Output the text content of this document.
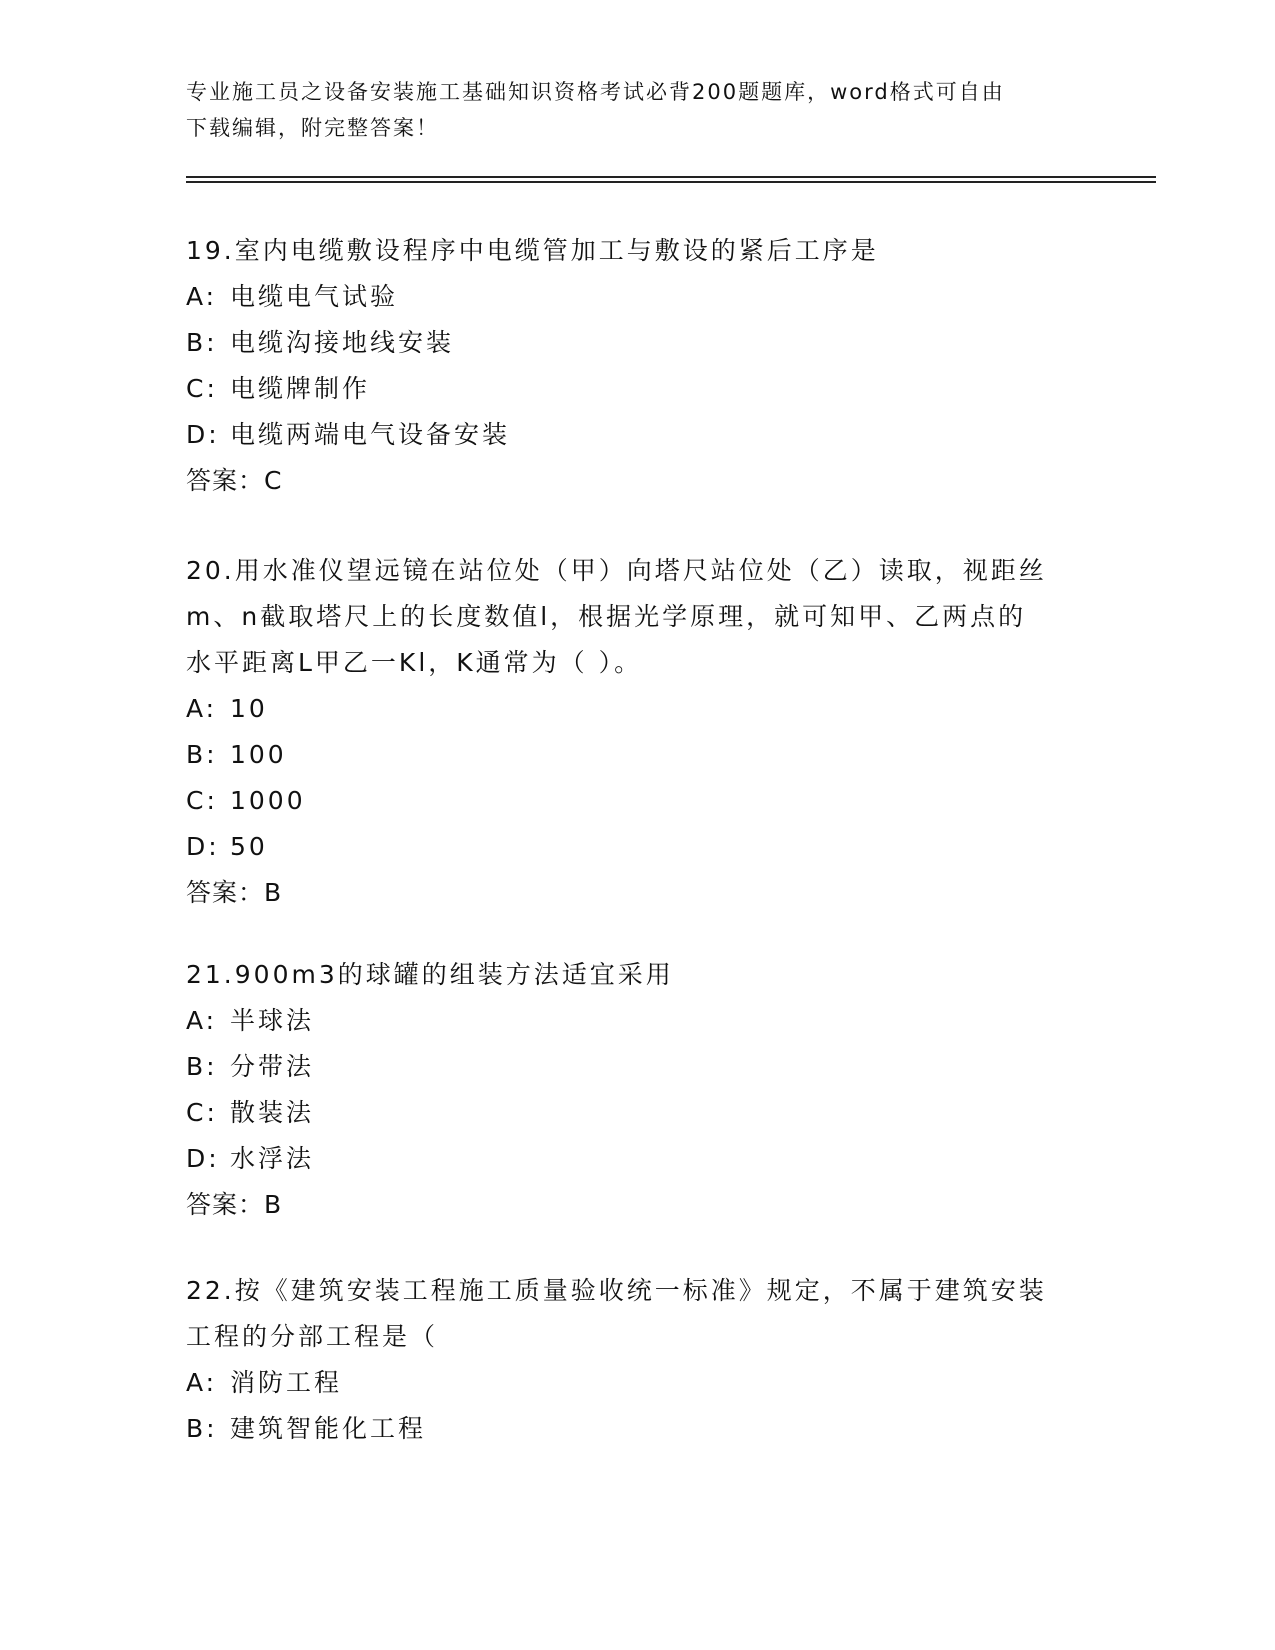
专业施工员之设备安装施工基础知识资格考试必背200题题库，word格式可自由
下载编辑，附完整答案！
19.室内电缆敷设程序中电缆管加工与敷设的紧后工序是
A: 电缆电气试验
B: 电缆沟接地线安装
C: 电缆牌制作
D: 电缆两端电气设备安装
答案：C
20.用水准仪望远镜在站位处（甲）向塔尺站位处（乙）读取，视距丝
m、n截取塔尺上的长度数值l，根据光学原理，就可知甲、乙两点的
水平距离L甲乙一Kl，K通常为（ ）。
A: 10
B: 100
C: 1000
D: 50
答案：B
21.900m3的球罐的组装方法适宜采用
A: 半球法
B: 分带法
C: 散装法
D: 水浮法
答案：B
22.按《建筑安装工程施工质量验收统一标准》规定，不属于建筑安装
工程的分部工程是（
A: 消防工程
B: 建筑智能化工程
